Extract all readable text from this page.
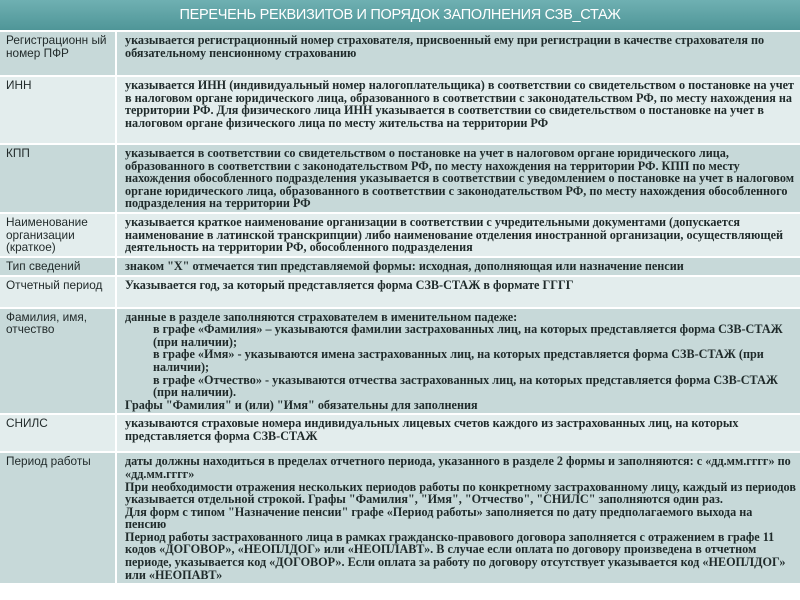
ПЕРЕЧЕНЬ РЕКВИЗИТОВ И ПОРЯДОК ЗАПОЛНЕНИЯ СЗВ_СТАЖ
Регистрационн ый номер ПФР	указывается регистрационный номер страхователя, присвоенный ему при регистрации в качестве страхователя по обязательному пенсионному страхованию

ИНН	указывается ИНН (индивидуальный номер налогоплательщика) в соответствии со свидетельством о постановке на учет в налоговом органе юридического лица, образованного в соответствии с законодательством РФ, по месту нахождения на территории РФ. Для физического лица ИНН указывается в соответствии со свидетельством о постановке на учет в налоговом органе физического лица по месту жительства на территории РФ

КПП	указывается в соответствии со свидетельством о постановке на учет в налоговом органе юридического лица, образованного в соответствии с законодательством РФ, по месту нахождения на территории РФ. КПП по месту нахождения обособленного подразделения указывается в соответствии с уведомлением о постановке на учет в налоговом органе юридического лица, образованного в соответствии с законодательством РФ, по месту нахождения обособленного подразделения на территории РФ

Наименование организации (краткое)	указывается краткое наименование организации в соответствии с учредительными документами (допускается наименование в латинской транскрипции) либо наименование отделения иностранной организации, осуществляющей деятельность на территории РФ, обособленного подразделения

Тип сведений	знаком "Х" отмечается тип представляемой формы: исходная, дополняющая или назначение пенсии

Отчетный период	Указывается год, за который представляется форма СЗВ-СТАЖ в формате ГГГГ

Фамилия, имя, отчество	данные в разделе заполняются страхователем в именительном падеже:
в графе «Фамилия» – указываются фамилии застрахованных лиц, на которых представляется форма СЗВ-СТАЖ (при наличии);
в графе «Имя» - указываются имена застрахованных лиц, на которых представляется форма СЗВ-СТАЖ (при наличии);
в графе «Отчество» - указываются отчества застрахованных лиц, на которых представляется форма СЗВ-СТАЖ (при наличии).
Графы "Фамилия" и (или) "Имя" обязательны для заполнения

СНИЛС	указываются страховые номера индивидуальных лицевых счетов каждого из застрахованных лиц, на которых представляется форма СЗВ-СТАЖ

Период работы	даты должны находиться в пределах отчетного периода, указанного в разделе 2 формы и заполняются: с «дд.мм.гггг» по «дд.мм.гггг»
При необходимости отражения нескольких периодов работы по конкретному застрахованному лицу, каждый из периодов указывается отдельной строкой. Графы "Фамилия", "Имя", "Отчество", "СНИЛС" заполняются один раз.
Для форм с типом "Назначение пенсии" графе «Период работы» заполняется по дату предполагаемого выхода на пенсию
Период работы застрахованного лица в рамках гражданско-правового договора заполняется с отражением в графе 11 кодов «ДОГОВОР», «НЕОПЛДОГ» или «НЕОПЛАВТ». В случае если оплата по договору произведена в отчетном периоде, указывается код «ДОГОВОР». Если оплата за работу по договору отсутствует указывается код «НЕОПЛДОГ» или «НЕОПАВТ»
